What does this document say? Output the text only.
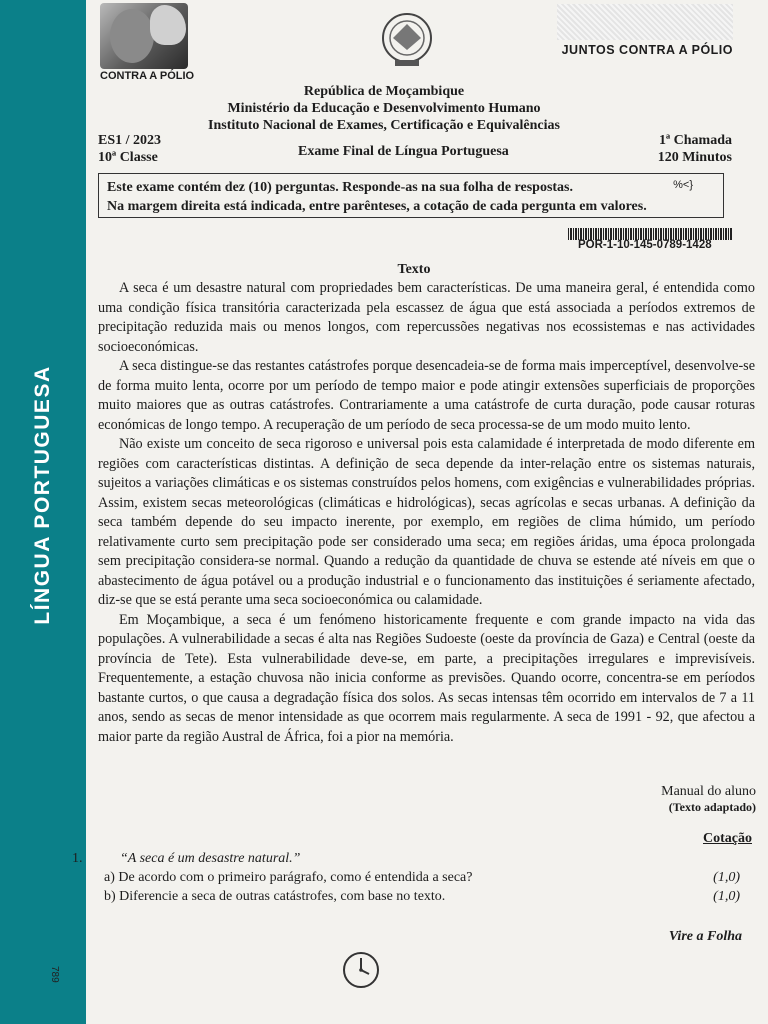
LÍNGUA PORTUGUESA
789
CONTRA A PÓLIO
JUNTOS CONTRA A PÓLIO
República de Moçambique
Ministério da Educação e Desenvolvimento Humano
Instituto Nacional de Exames, Certificação e Equivalências
ES1 / 2023
10ª Classe	Exame Final de Língua Portuguesa
1ª Chamada
120 Minutos

Este exame contém dez (10) perguntas. Responde-as na sua folha de respostas.

Na margem direita está indicada, entre parênteses, a cotação de cada pergunta em valores.

%<}
POR-1-10-145-0789-1428
Texto

A seca é um desastre natural com propriedades bem características. De uma maneira geral, é entendida como uma condição física transitória caracterizada pela escassez de água que está associada a períodos extremos de precipitação reduzida mais ou menos longos, com repercussões negativas nos ecossistemas e nas actividades socioeconómicas.

A seca distingue-se das restantes catástrofes porque desencadeia-se de forma mais imperceptível, desenvolve-se de forma muito lenta, ocorre por um período de tempo maior e pode atingir extensões superficiais de proporções muito maiores que as outras catástrofes. Contrariamente a uma catástrofe de curta duração, pode causar roturas económicas de longo tempo. A recuperação de um período de seca processa-se de um modo muito lento.

Não existe um conceito de seca rigoroso e universal pois esta calamidade é interpretada de modo diferente em regiões com características distintas. A definição de seca depende da inter-relação entre os sistemas naturais, sujeitos a variações climáticas e os sistemas construídos pelos homens, com exigências e vulnerabilidades próprias. Assim, existem secas meteorológicas (climáticas e hidrológicas), secas agrícolas e secas urbanas. A definição da seca também depende do seu impacto inerente, por exemplo, em regiões de clima húmido, um período relativamente curto sem precipitação pode ser considerado uma seca; em regiões áridas, uma época prolongada sem precipitação considera-se normal. Quando a redução da quantidade de chuva se estende até níveis em que o abastecimento de água potável ou a produção industrial e o funcionamento das instituições é seriamente afectado, diz-se que se está perante uma seca socioeconómica ou calamidade.

Em Moçambique, a seca é um fenómeno historicamente frequente e com grande impacto na vida das populações. A vulnerabilidade a secas é alta nas Regiões Sudoeste (oeste da província de Gaza) e Central (oeste da província de Tete). Esta vulnerabilidade deve-se, em parte, a precipitações irregulares e imprevisíveis. Frequentemente, a estação chuvosa não inicia conforme as previsões. Quando ocorre, concentra-se em períodos bastante curtos, o que causa a degradação física dos solos. As secas intensas têm ocorrido em intervalos de 7 a 11 anos, sendo as secas de menor intensidade as que ocorrem mais regularmente. A seca de 1991 - 92, que afectou a maior parte da região Austral de África, foi a pior na memória.

Manual do aluno
(Texto adaptado)
Cotação
1.	“A seca é um desastre natural.”
a) De acordo com o primeiro parágrafo, como é entendida a seca?	(1,0)
b) Diferencie a seca de outras catástrofes, com base no texto.	(1,0)
Vire a Folha
